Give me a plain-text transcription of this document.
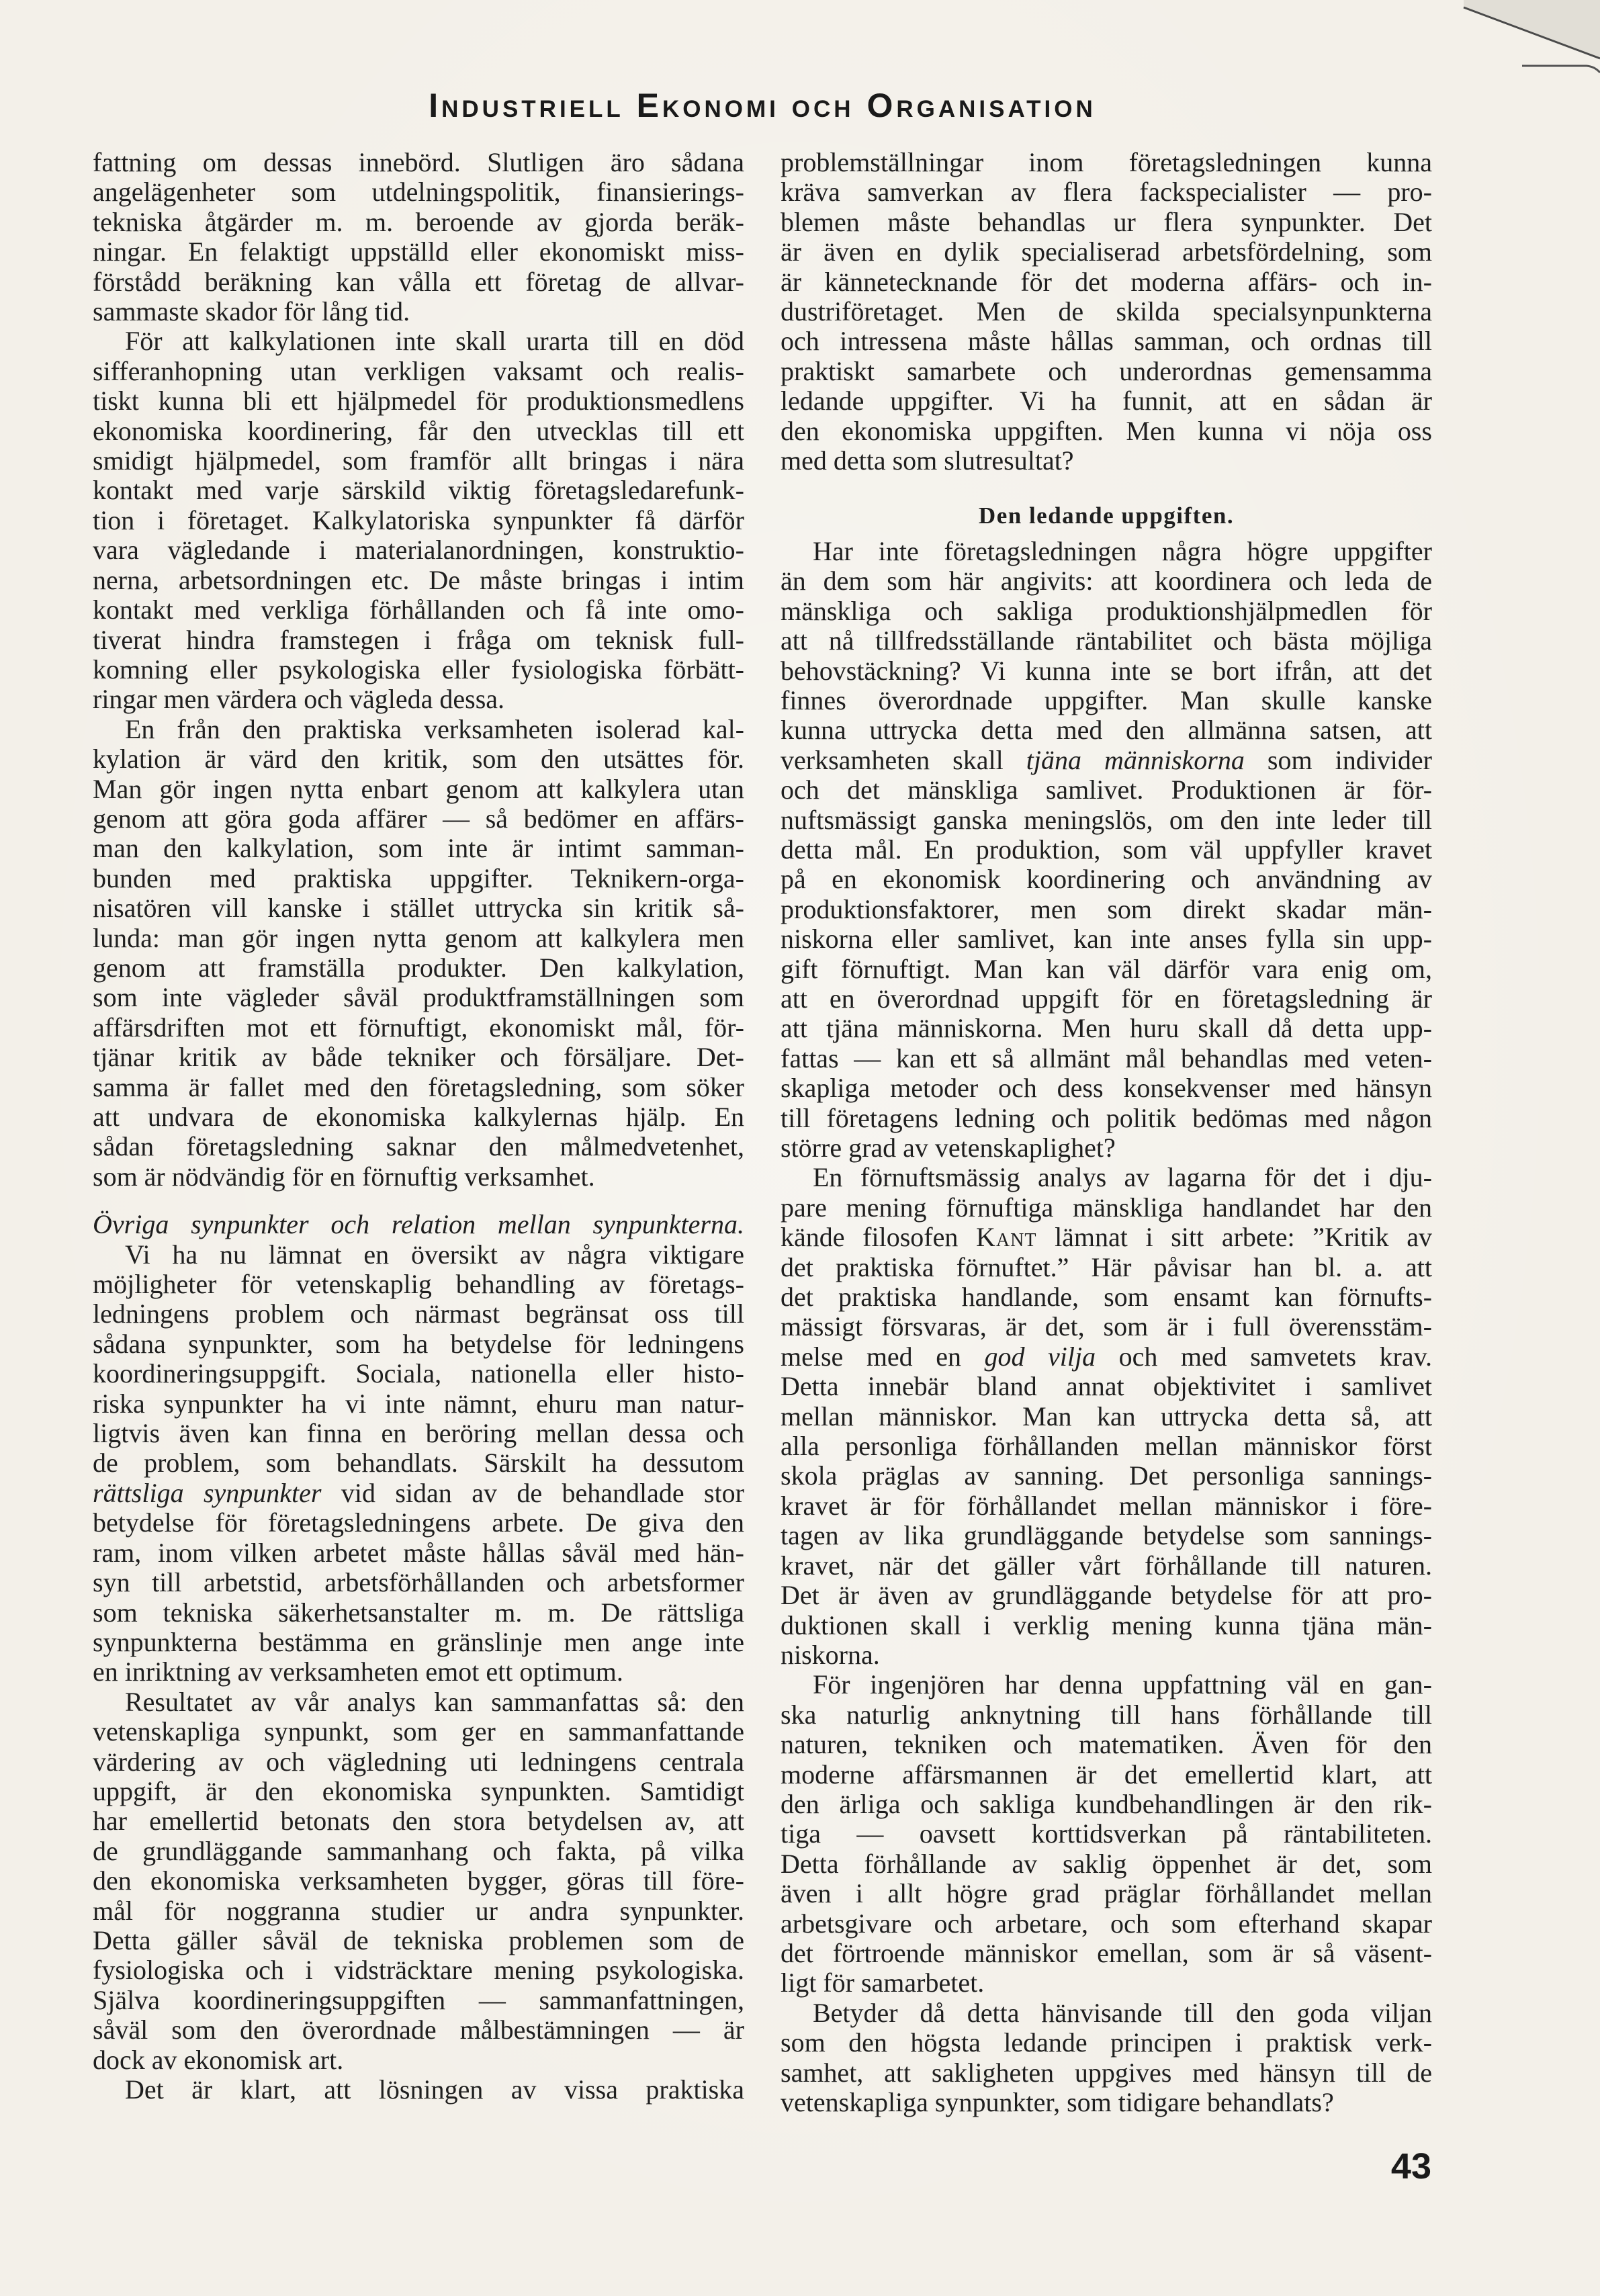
Industriell Ekonomi och Organisation
fattning om dessas innebörd. Slutligen äro sådana
angelägenheter som utdelningspolitik, finansierings-
tekniska åtgärder m. m. beroende av gjorda beräk-
ningar. En felaktigt uppställd eller ekonomiskt miss-
förstådd beräkning kan vålla ett företag de allvar-
sammaste skador för lång tid.
För att kalkylationen inte skall urarta till en död
sifferanhopning utan verkligen vaksamt och realis-
tiskt kunna bli ett hjälpmedel för produktionsmedlens
ekonomiska koordinering, får den utvecklas till ett
smidigt hjälpmedel, som framför allt bringas i nära
kontakt med varje särskild viktig företagsledarefunk-
tion i företaget. Kalkylatoriska synpunkter få därför
vara vägledande i materialanordningen, konstruktio-
nerna, arbetsordningen etc. De måste bringas i intim
kontakt med verkliga förhållanden och få inte omo-
tiverat hindra framstegen i fråga om teknisk full-
komning eller psykologiska eller fysiologiska förbätt-
ringar men värdera och vägleda dessa.
En från den praktiska verksamheten isolerad kal-
kylation är värd den kritik, som den utsättes för.
Man gör ingen nytta enbart genom att kalkylera utan
genom att göra goda affärer — så bedömer en affärs-
man den kalkylation, som inte är intimt samman-
bunden med praktiska uppgifter. Teknikern-orga-
nisatören vill kanske i stället uttrycka sin kritik så-
lunda: man gör ingen nytta genom att kalkylera men
genom att framställa produkter. Den kalkylation,
som inte vägleder såväl produktframställningen som
affärsdriften mot ett förnuftigt, ekonomiskt mål, för-
tjänar kritik av både tekniker och försäljare. Det-
samma är fallet med den företagsledning, som söker
att undvara de ekonomiska kalkylernas hjälp. En
sådan företagsledning saknar den målmedvetenhet,
som är nödvändig för en förnuftig verksamhet.
Övriga synpunkter och relation mellan synpunkterna.
Vi ha nu lämnat en översikt av några viktigare
möjligheter för vetenskaplig behandling av företags-
ledningens problem och närmast begränsat oss till
sådana synpunkter, som ha betydelse för ledningens
koordineringsuppgift. Sociala, nationella eller histo-
riska synpunkter ha vi inte nämnt, ehuru man natur-
ligtvis även kan finna en beröring mellan dessa och
de problem, som behandlats. Särskilt ha dessutom
rättsliga synpunkter vid sidan av de behandlade stor
betydelse för företagsledningens arbete. De giva den
ram, inom vilken arbetet måste hållas såväl med hän-
syn till arbetstid, arbetsförhållanden och arbetsformer
som tekniska säkerhetsanstalter m. m. De rättsliga
synpunkterna bestämma en gränslinje men ange inte
en inriktning av verksamheten emot ett optimum.
Resultatet av vår analys kan sammanfattas så: den
vetenskapliga synpunkt, som ger en sammanfattande
värdering av och vägledning uti ledningens centrala
uppgift, är den ekonomiska synpunkten. Samtidigt
har emellertid betonats den stora betydelsen av, att
de grundläggande sammanhang och fakta, på vilka
den ekonomiska verksamheten bygger, göras till före-
mål för noggranna studier ur andra synpunkter.
Detta gäller såväl de tekniska problemen som de
fysiologiska och i vidsträcktare mening psykologiska.
Själva koordineringsuppgiften — sammanfattningen,
såväl som den överordnade målbestämningen — är
dock av ekonomisk art.
Det är klart, att lösningen av vissa praktiska
problemställningar inom företagsledningen kunna
kräva samverkan av flera fackspecialister — pro-
blemen måste behandlas ur flera synpunkter. Det
är även en dylik specialiserad arbetsfördelning, som
är kännetecknande för det moderna affärs- och in-
dustriföretaget. Men de skilda specialsynpunkterna
och intressena måste hållas samman, och ordnas till
praktiskt samarbete och underordnas gemensamma
ledande uppgifter. Vi ha funnit, att en sådan är
den ekonomiska uppgiften. Men kunna vi nöja oss
med detta som slutresultat?
Den ledande uppgiften.
Har inte företagsledningen några högre uppgifter
än dem som här angivits: att koordinera och leda de
mänskliga och sakliga produktionshjälpmedlen för
att nå tillfredsställande räntabilitet och bästa möjliga
behovstäckning? Vi kunna inte se bort ifrån, att det
finnes överordnade uppgifter. Man skulle kanske
kunna uttrycka detta med den allmänna satsen, att
verksamheten skall tjäna människorna som individer
och det mänskliga samlivet. Produktionen är för-
nuftsmässigt ganska meningslös, om den inte leder till
detta mål. En produktion, som väl uppfyller kravet
på en ekonomisk koordinering och användning av
produktionsfaktorer, men som direkt skadar män-
niskorna eller samlivet, kan inte anses fylla sin upp-
gift förnuftigt. Man kan väl därför vara enig om,
att en överordnad uppgift för en företagsledning är
att tjäna människorna. Men huru skall då detta upp-
fattas — kan ett så allmänt mål behandlas med veten-
skapliga metoder och dess konsekvenser med hänsyn
till företagens ledning och politik bedömas med någon
större grad av vetenskaplighet?
En förnuftsmässig analys av lagarna för det i dju-
pare mening förnuftiga mänskliga handlandet har den
kände filosofen Kant lämnat i sitt arbete: ”Kritik av
det praktiska förnuftet.” Här påvisar han bl. a. att
det praktiska handlande, som ensamt kan förnufts-
mässigt försvaras, är det, som är i full överensstäm-
melse med en god vilja och med samvetets krav.
Detta innebär bland annat objektivitet i samlivet
mellan människor. Man kan uttrycka detta så, att
alla personliga förhållanden mellan människor först
skola präglas av sanning. Det personliga sannings-
kravet är för förhållandet mellan människor i före-
tagen av lika grundläggande betydelse som sannings-
kravet, när det gäller vårt förhållande till naturen.
Det är även av grundläggande betydelse för att pro-
duktionen skall i verklig mening kunna tjäna män-
niskorna.
För ingenjören har denna uppfattning väl en gan-
ska naturlig anknytning till hans förhållande till
naturen, tekniken och matematiken. Även för den
moderne affärsmannen är det emellertid klart, att
den ärliga och sakliga kundbehandlingen är den rik-
tiga — oavsett korttidsverkan på räntabiliteten.
Detta förhållande av saklig öppenhet är det, som
även i allt högre grad präglar förhållandet mellan
arbetsgivare och arbetare, och som efterhand skapar
det förtroende människor emellan, som är så väsent-
ligt för samarbetet.
Betyder då detta hänvisande till den goda viljan
som den högsta ledande principen i praktisk verk-
samhet, att sakligheten uppgives med hänsyn till de
vetenskapliga synpunkter, som tidigare behandlats?
43
